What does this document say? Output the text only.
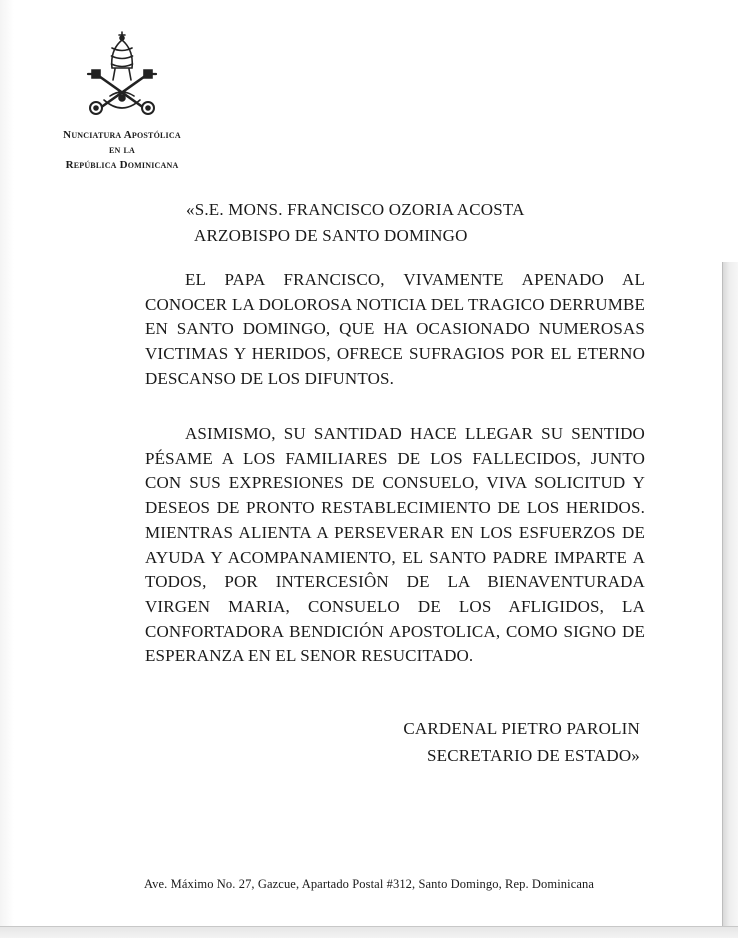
Nunciatura Apostólica
en la
República Dominicana
«S.E. MONS. FRANCISCO OZORIA ACOSTA
ARZOBISPO DE SANTO DOMINGO
EL PAPA FRANCISCO, VIVAMENTE APENADO AL CONOCER LA DOLOROSA NOTICIA DEL TRAGICO DERRUMBE EN SANTO DOMINGO, QUE HA OCASIONADO NUMEROSAS VICTIMAS Y HERIDOS, OFRECE SUFRAGIOS POR EL ETERNO DESCANSO DE LOS DIFUNTOS.
ASIMISMO, SU SANTIDAD HACE LLEGAR SU SENTIDO PÉSAME A LOS FAMILIARES DE LOS FALLECIDOS, JUNTO CON SUS EXPRESIONES DE CONSUELO, VIVA SOLICITUD Y DESEOS DE PRONTO RESTABLECIMIENTO DE LOS HERIDOS. MIENTRAS ALIENTA A PERSEVERAR EN LOS ESFUERZOS DE AYUDA Y ACOMPANAMIENTO, EL SANTO PADRE IMPARTE A TODOS, POR INTERCESIÔN DE LA BIENAVENTURADA VIRGEN MARIA, CONSUELO DE LOS AFLIGIDOS, LA CONFORTADORA BENDICIÓN APOSTOLICA, COMO SIGNO DE ESPERANZA EN EL SENOR RESUCITADO.
CARDENAL PIETRO PAROLIN
SECRETARIO DE ESTADO»
Ave. Máximo No. 27, Gazcue, Apartado Postal #312, Santo Domingo, Rep. Dominicana
